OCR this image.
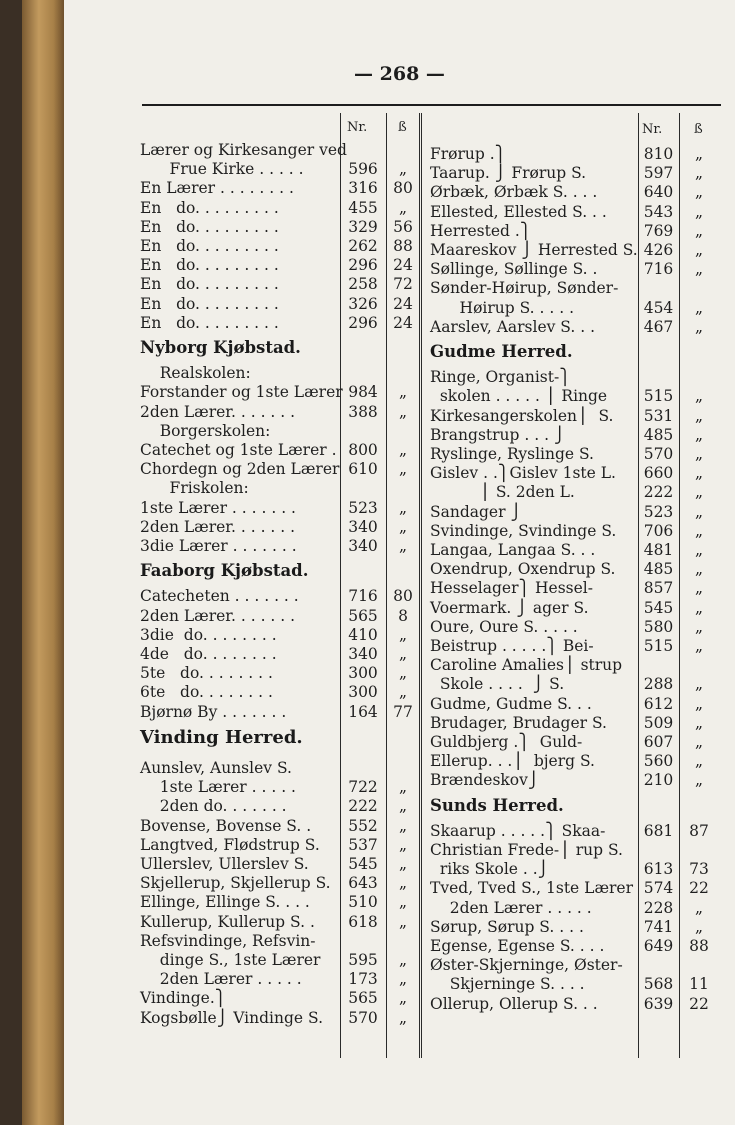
— 268 —
Nr. ß	Nr. ß
Lærer og Kirkesanger ved
Frue Kirke . . . . .	596	„
En Lærer . . . . . . . .	316 80
En   do. . . . . . . . .	455	„
En   do. . . . . . . . .	329 56
En   do. . . . . . . . .	262 88
En   do. . . . . . . . .	296 24
En   do. . . . . . . . .	258 72
En   do. . . . . . . . .	326 24
En   do. . . . . . . . .	296 24
Nyborg Kjøbstad.
Realskolen:
Forstander og 1ste Lærer 984	„
2den Lærer. . . . . . .	388	„
Borgerskolen:
Catechet og 1ste Lærer . 800	„
Chordegn og 2den Lærer 610	„
Friskolen:
1ste Lærer . . . . . . .	523	„
2den Lærer. . . . . . .	340	„
3die Lærer . . . . . . .	340	„
Faaborg Kjøbstad.
Catecheten . . . . . . .	716 80
2den Lærer. . . . . . .	565	8
3die  do. . . . . . . .	410	„
4de   do. . . . . . . .	340	„
5te   do. . . . . . . .	300	„
6te   do. . . . . . . .	300	„
Bjørnø By . . . . . . .	164 77
Vinding Herred.
Aunslev, Aunslev S.
1ste Lærer . . . . .	722	„
2den do. . . . . . .	222	„
Bovense, Bovense S. .	552	„
Langtved, Flødstrup S.	537	„
Ullerslev, Ullerslev S.	545	„
Skjellerup, Skjellerup S.	643	„
Ellinge, Ellinge S. . . .	510	„
Kullerup, Kullerup S. .	618	„
Refsvindinge, Refsvin-
dinge S., 1ste Lærer	595	„
2den Lærer . . . . .	173	„
Vindinge.⎫	565	„
Kogsbølle⎭ Vindinge S.	570	„
Frørup .⎫	810	„
Taarup. ⎭ Frørup S.	597	„
Ørbæk, Ørbæk S. . . .	640	„
Ellested, Ellested S. . .	543	„
Herrested .⎫	769	„
Maareskov ⎭ Herrested S. 426	„
Søllinge, Søllinge S. .	716	„
Sønder-Høirup, Sønder-
Høirup S. . . . .	454	„
Aarslev, Aarslev S. . .	467	„
Gudme Herred.
Ringe, Organist-⎫
skolen . . . . . ⎪ Ringe	515	„
Kirkesangerskolen⎪  S.	531	„
Brangstrup . . . ⎭	485	„
Ryslinge, Ryslinge S.	570	„
Gislev . .⎫Gislev 1ste L.	660	„
⎪ S. 2den L.	222	„
Sandager ⎭	523	„
Svindinge, Svindinge S.	706	„
Langaa, Langaa S. . .	481	„
Oxendrup, Oxendrup S.	485	„
Hesselager⎫ Hessel-	857	„
Voermark. ⎭ ager S.	545	„
Oure, Oure S. . . . .	580	„
Beistrup . . . . .⎫ Bei-	515	„
Caroline Amalies⎪ strup
Skole . . . .  ⎭ S.	288	„
Gudme, Gudme S. . .	612	„
Brudager, Brudager S.	509	„
Guldbjerg .⎫  Guld-	607	„
Ellerup. . .⎪  bjerg S.	560	„
Brændeskov⎭	210	„
Sunds Herred.
Skaarup . . . . .⎫ Skaa-	681	87
Christian Frede-⎪ rup S.
riks Skole . .⎭	613	73
Tved, Tved S., 1ste Lærer 574	22
2den Lærer . . . . .	228	„
Sørup, Sørup S. . . .	741	„
Egense, Egense S. . . .	649	88
Øster-Skjerninge, Øster-
Skjerninge S. . . .	568	11
Ollerup, Ollerup S. . .	639	22
